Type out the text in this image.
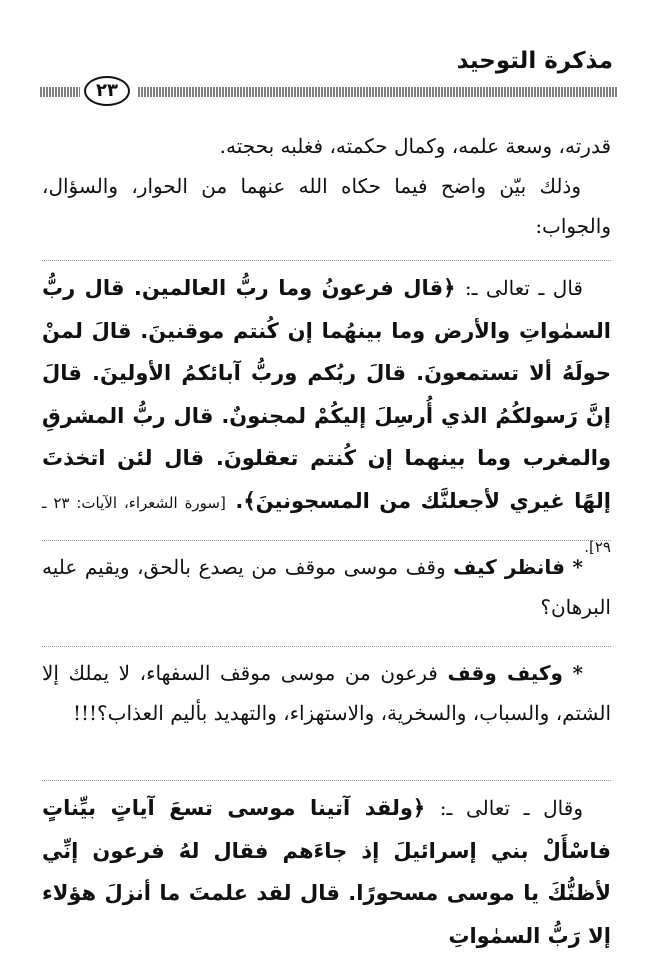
مذكرة التوحيد
٢٣
قدرته، وسعة علمه، وكمال حكمته، فغلبه بحجته.
وذلك بيّن واضح فيما حكاه الله عنهما من الحوار، والسؤال، والجواب:
قال ـ تعالى ـ: ﴿قال فرعونُ وما ربُّ العالمين. قال ربُّ السمٰواتِ والأرض وما بينهُما إن كُنتم موقنينَ. قالَ لمنْ حولَهُ ألا تستمعونَ. قالَ ربُكم وربُّ آبائكمُ الأولينَ. قالَ إنَّ رَسولكُمُ الذي أُرسِلَ إليكُمْ لمجنونٌ. قال ربُّ المشرقِ والمغرب وما بينهما إن كُنتم تعقلونَ. قال لئن اتخذتَ إلهًا غيري لأجعلنَّك من المسجونينَ﴾. [سورة الشعراء، الآيات: ٢٣ ـ ٢٩].
* فانظر كيف وقف موسى موقف من يصدع بالحق، ويقيم عليه البرهان؟
* وكيف وقف فرعون من موسى موقف السفهاء، لا يملك إلا الشتم، والسباب، والسخرية، والاستهزاء، والتهديد بأليم العذاب؟!!!
وقال ـ تعالى ـ: ﴿ولقد آتينا موسى تسعَ آياتٍ بيِّناتٍ فاسْأَلْ بني إسرائيلَ إذ جاءَهم فقال لهُ فرعون إنِّي لأظنُّكَ يا موسى مسحورًا. قال لقد علمتَ ما أنزلَ هؤلاء إلا رَبُّ السمٰواتِ
